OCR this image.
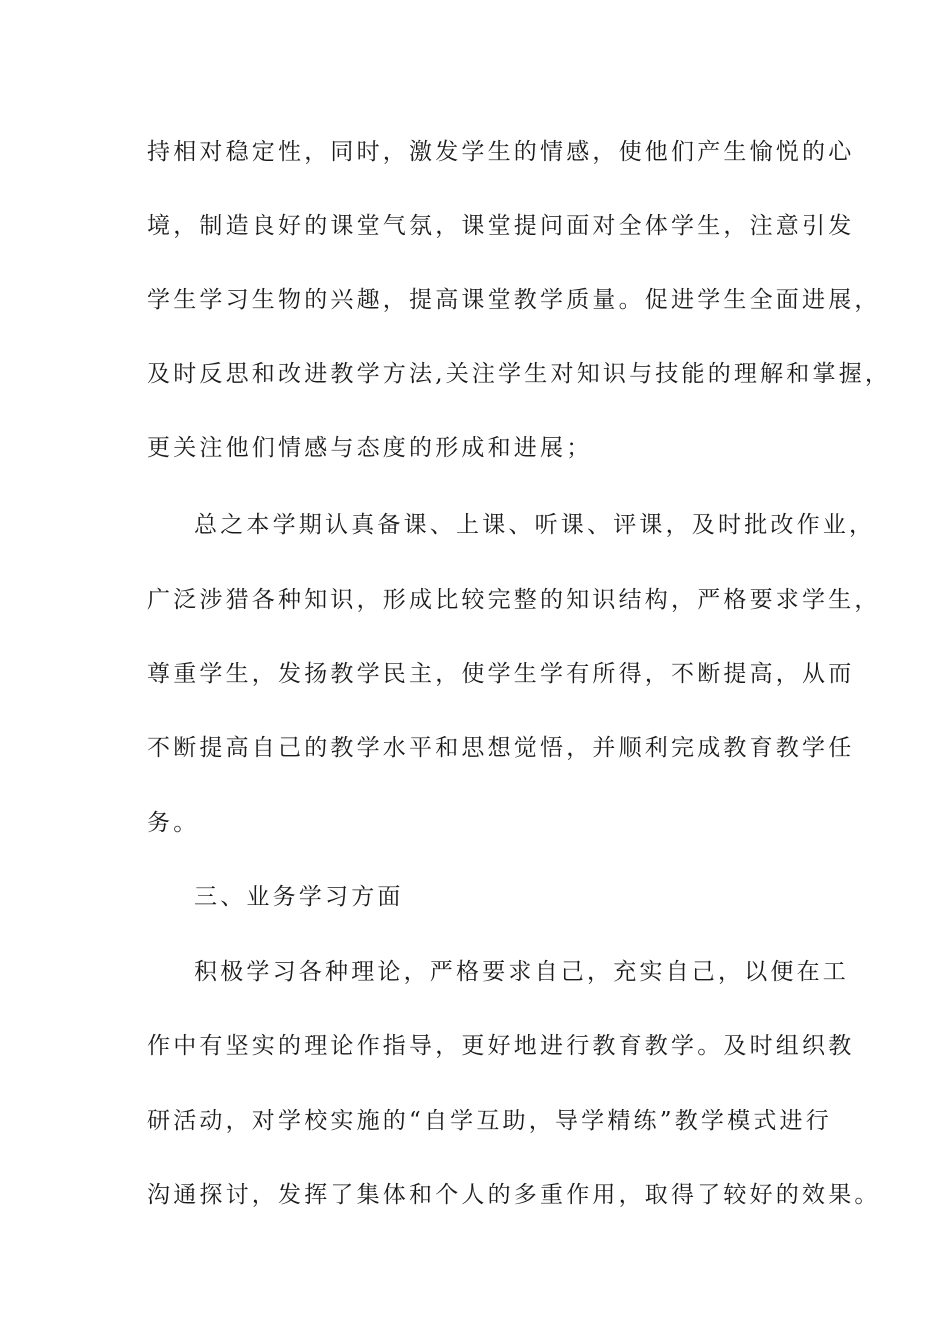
持相对稳定性，同时，激发学生的情感，使他们产生愉悦的心
境，制造良好的课堂气氛，课堂提问面对全体学生，注意引发
学生学习生物的兴趣，提高课堂教学质量。促进学生全面进展，
及时反思和改进教学方法,关注学生对知识与技能的理解和掌握，
更关注他们情感与态度的形成和进展；
总之本学期认真备课、上课、听课、评课，及时批改作业，
广泛涉猎各种知识，形成比较完整的知识结构，严格要求学生，
尊重学生，发扬教学民主，使学生学有所得，不断提高，从而
不断提高自己的教学水平和思想觉悟，并顺利完成教育教学任
务。
三、业务学习方面
积极学习各种理论，严格要求自己，充实自己，以便在工
作中有坚实的理论作指导，更好地进行教育教学。及时组织教
研活动，对学校实施的“自学互助，导学精练”教学模式进行
沟通探讨，发挥了集体和个人的多重作用，取得了较好的效果。
